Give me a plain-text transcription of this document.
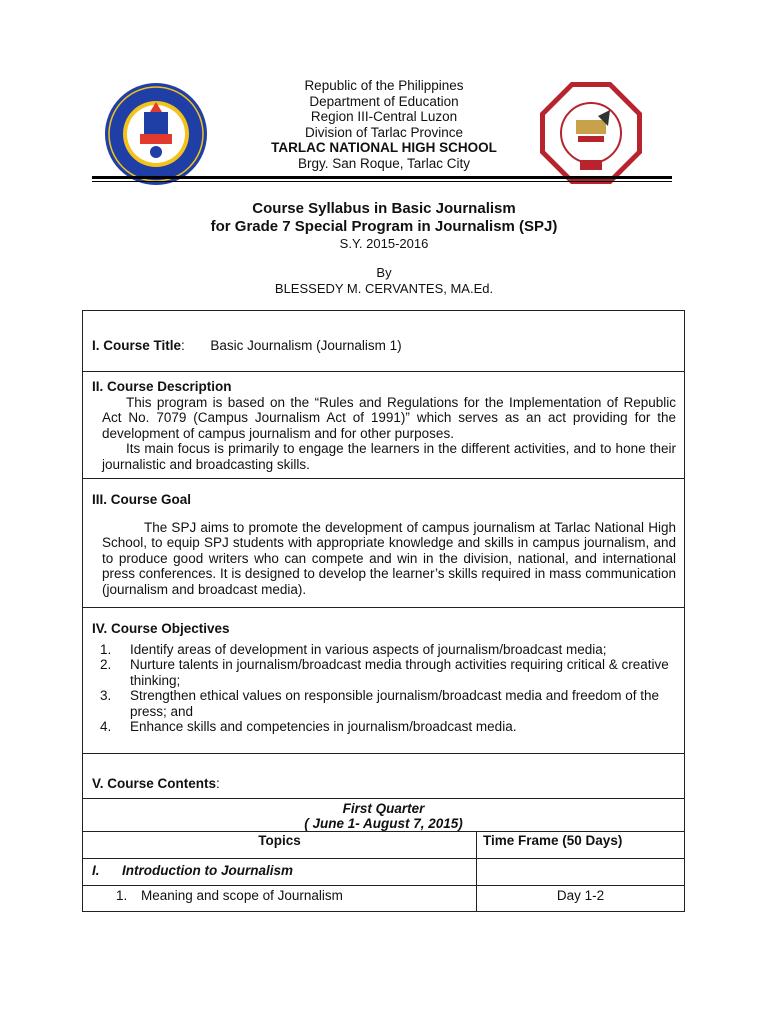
Republic of the Philippines
Department of Education
Region III-Central Luzon
Division of Tarlac Province
TARLAC NATIONAL HIGH SCHOOL
Brgy. San Roque, Tarlac City
Course Syllabus in Basic Journalism
for Grade 7 Special Program in Journalism (SPJ)
S.Y. 2015-2016
By
BLESSEDY M. CERVANTES, MA.Ed.
I. Course Title: Basic Journalism (Journalism 1)
II. Course Description

This program is based on the “Rules and Regulations for the Implementation of Republic Act No. 7079 (Campus Journalism Act of 1991)” which serves as an act providing for the development of campus journalism and for other purposes.

Its main focus is primarily to engage the learners in the different activities, and to hone their journalistic and broadcasting skills.

III. Course Goal

The SPJ aims to promote the development of campus journalism at Tarlac National High School, to equip SPJ students with appropriate knowledge and skills in campus journalism, and to produce good writers who can compete and win in the division, national, and international press conferences. It is designed to develop the learner’s skills required in mass communication (journalism and broadcast media).

IV. Course Objectives
1.	Identify areas of development in various aspects of journalism/broadcast media;
2.	Nurture talents in journalism/broadcast media through activities requiring critical & creative thinking;
3.	Strengthen ethical values on responsible journalism/broadcast media and freedom of the press; and
4.	Enhance skills and competencies in journalism/broadcast media.
V. Course Contents:
First Quarter
( June 1- August 7, 2015)	

Topics	Time Frame (50 Days)
I. Introduction to Journalism	
1. Meaning and scope of Journalism	Day 1-2
